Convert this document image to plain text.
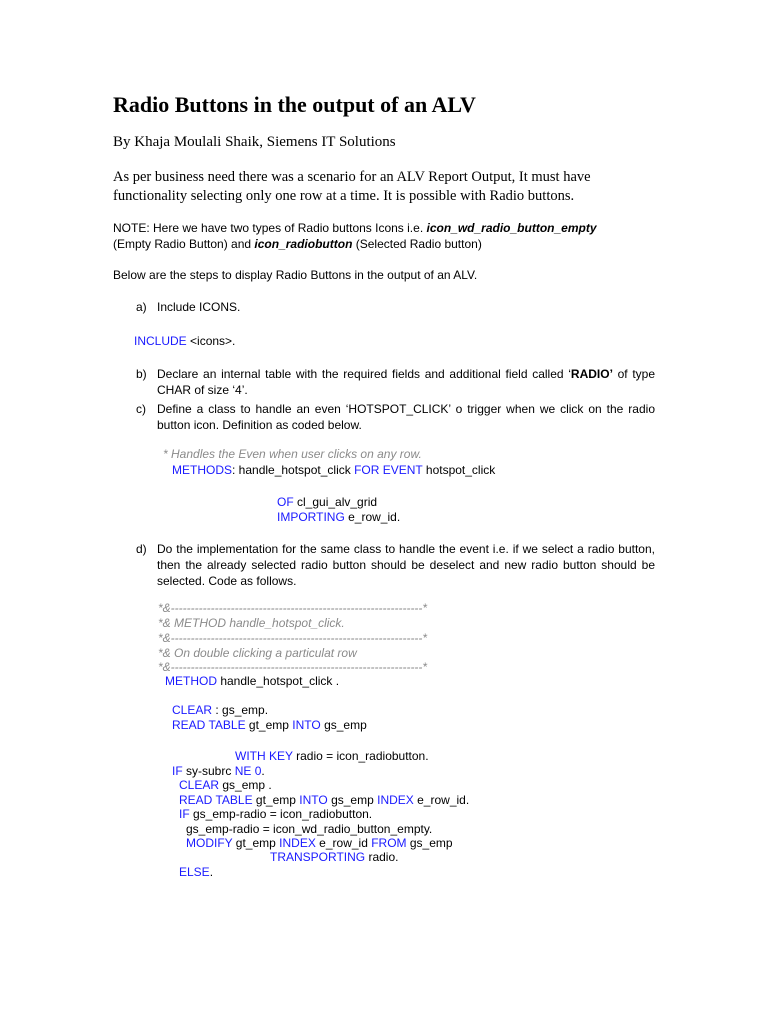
Radio Buttons in the output of an ALV
By Khaja Moulali Shaik, Siemens IT Solutions
As per business need there was a scenario for an ALV Report Output, It must have functionality selecting only one row at a time. It is possible with Radio buttons.
NOTE: Here we have two types of Radio buttons Icons i.e. icon_wd_radio_button_empty
(Empty Radio Button) and icon_radiobutton (Selected Radio button)
Below are the steps to display Radio Buttons in the output of an ALV.
a) Include ICONS.
INCLUDE <icons>.
b) Declare an internal table with the required fields and additional field called ‘RADIO’ of type CHAR of size ‘4’.
c) Define a class to handle an even ‘HOTSPOT_CLICK’ o trigger when we click on the radio button icon. Definition as coded below.
* Handles the Even when user clicks on any row.
METHODS: handle_hotspot_click FOR EVENT hotspot_click
OF cl_gui_alv_grid
IMPORTING e_row_id.
d) Do the implementation for the same class to handle the event i.e. if we select a radio button, then the already selected radio button should be deselect and new radio button should be selected. Code as follows.
*&---------------------------------------------------------------*
*& METHOD handle_hotspot_click.
*&---------------------------------------------------------------*
*& On double clicking a particulat row
*&---------------------------------------------------------------*
METHOD handle_hotspot_click .
CLEAR : gs_emp.
READ TABLE gt_emp INTO gs_emp
WITH KEY radio = icon_radiobutton.
IF sy-subrc NE 0.
CLEAR gs_emp .
READ TABLE gt_emp INTO gs_emp INDEX e_row_id.
IF gs_emp-radio = icon_radiobutton.
gs_emp-radio = icon_wd_radio_button_empty.
MODIFY gt_emp INDEX e_row_id FROM gs_emp
TRANSPORTING radio.
ELSE.
